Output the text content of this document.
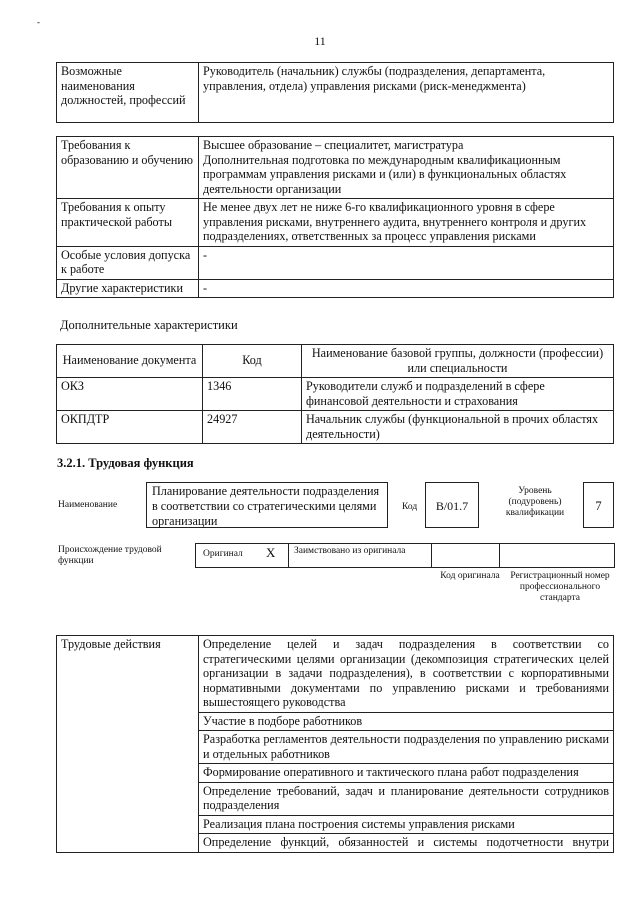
-
11
Возможные наименования должностей, профессий	Руководитель (начальник) службы (подразделения, департамента, управления, отдела) управления рисками (риск-менеджмента)
Требования к образованию и обучению	Высшее образование – специалитет, магистратура
Дополнительная подготовка по международным квалификационным
программам управления рисками и (или) в функциональных областях
деятельности организации

Требования к опыту практической работы	Не менее двух лет не ниже 6-го квалификационного уровня в сфере
управления рисками, внутреннего аудита, внутреннего контроля и других
подразделениях, ответственных за процесс управления рисками

Особые условия допуска к работе	-
Другие характеристики	-
Дополнительные характеристики
Наименование документа	Код	Наименование базовой группы, должности (профессии) или специальности
ОКЗ	1346	Руководители служб и подразделений в сфере финансовой деятельности и страхования
ОКПДТР	24927	Начальник службы (функциональной в прочих областях деятельности)
3.2.1. Трудовая функция
Наименование
Планирование деятельности подразделения в соответствии со стратегическими целями организации
Код	В/01.7
Уровень (подуровень) квалификации	7
Происхождение трудовой функции
Оригинал X	Заимствовано из оригинала
Код оригинала	Регистрационный номер профессионального стандарта
Трудовые действия	Определение целей и задач подразделения в соответствии со стратегическими целями организации (декомпозиция стратегических целей организации в задачи подразделения), в соответствии с корпоративными нормативными документами по управлению рисками и требованиями вышестоящего руководства
Участие в подборе работников
Разработка регламентов деятельности подразделения по управлению рисками и отдельных работников
Формирование оперативного и тактического плана работ подразделения
Определение требований, задач и планирование деятельности сотрудников подразделения
Реализация плана построения системы управления рисками
Определение функций, обязанностей и системы подотчетности внутри
